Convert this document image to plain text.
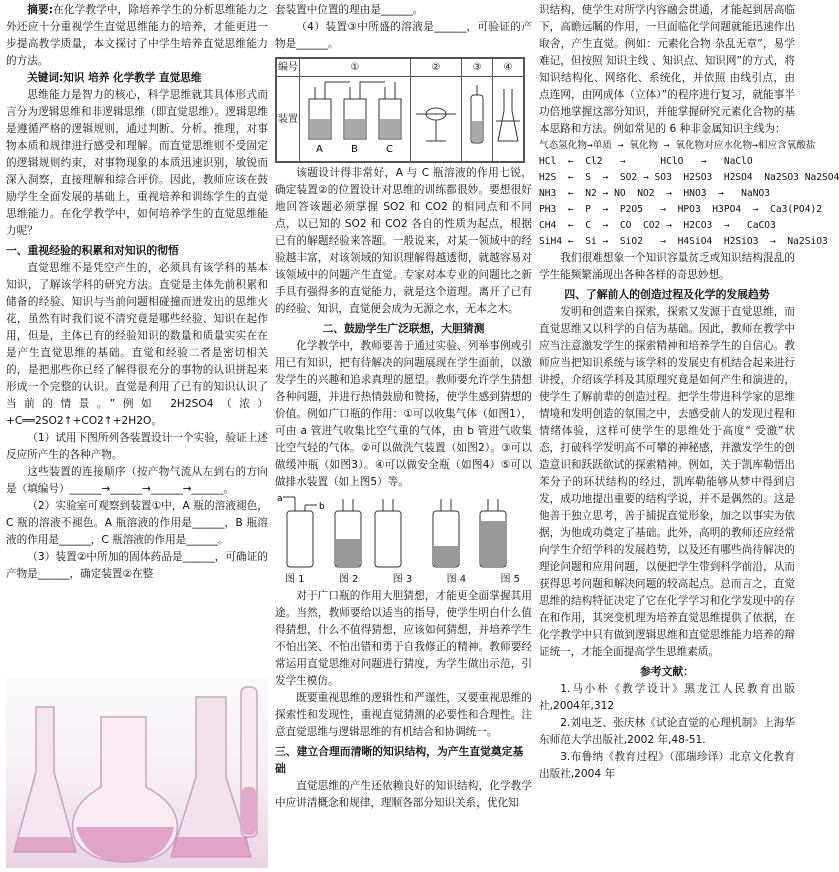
摘要:在化学教学中，除培养学生的分析思维能力之外还应十分重视学生直觉思维能力的培养，才能更进一步提高教学质量，本文探讨了中学生培养直觉思维能力的方法。

关键词:知识 培养 化学教学 直觉思维

思维能力是智力的核心，科学思维就其具体形式而言分为逻辑思维和非逻辑思维（即直觉思维）。逻辑思维是遵循严格的逻辑规则，通过判断、分析、推理，对事物本质和规律进行感受和理解。而直觉思维则不受固定的逻辑规则约束，对事物现象的本质迅速识别，敏锐而深入洞察，直接理解和综合评价。因此，教师应该在鼓励学生全面发展的基础上，重视培养和训练学生的直觉思维能力。在化学教学中，如何培养学生的直觉思维能力呢？

一、重视经验的积累和对知识的彻悟

直觉思维不是凭空产生的，必须具有该学科的基本知识，了解该学科的研究方法。直觉是主体先前积累和储备的经验、知识与当前问题相碰撞而迸发出的思维火花，虽然有时我们说不清究竟是哪些经验、知识在起作用，但是，主体已有的经验知识的数量和质量实实在在是产生直觉思维的基础。直觉和经验二者是密切相关的，是把那些你已经了解得很充分的事物的认识拼起来形成一个完整的认识。直觉是利用了已有的知识认识了当前的情景。”例如 2H2SO4（浓）+C══2SO2↑+CO2↑+2H2O。

（1）试用下图所列各装置设计一个实验，验证上述反应所产生的各种产物。

这些装置的连接顺序（按产物气流从左到右的方向是（填编号）______→______→______→______。

（2）实验室可观察到装置①中，A 瓶的溶液褪色，C 瓶的溶液不褪色。A 瓶溶液的作用是______，B 瓶溶液的作用是______，C 瓶溶液的作用是______。

（3）装置②中所加的固体药品是______，可确证的产物是______，确定装置②在整

套装置中位置的理由是______。

（4）装置③中所盛的溶液是______，可验证的产物是______。

编号	①	②	③	④
装置	A B C

该题设计得非常好，A 与 C 瓶溶液的作用七锐，确定装置②的位置设计对思维的训练都很妙。要想很好地回答该题必须掌握 SO2 和 CO2 的相同点和不同点，以已知的 SO2 和 CO2 各自的性质为起点，根据已有的解题经验来答题。一般说来，对某一领域中的经验越丰富，对该领域的知识理解得越透彻，就越容易对该领域中的问题产生直觉。专家对本专业的问题比之新手具有强得多的直觉能力，就是这个道理。离开了已有的经验、知识，直觉便会成为无源之水，无本之木。

二、鼓励学生广泛联想，大胆猜测

化学教学中，教师要善于通过实验、列举事例或引用已有知识，把有待解决的问题展现在学生面前，以激发学生的兴趣和追求真理的愿望。教师要允许学生猜想各种问题，并进行热情鼓励和赞扬，使学生感到猜想的价值。例如广口瓶的作用：①可以收集气体（如图1），可由 a 管进气收集比空气重的气体，由 b 管进气收集比空气轻的气体。②可以做洗气装置（如图2）。③可以做缓冲瓶（如图3）。④可以做安全瓶（如图4）⑤可以做排水装置（如上图5）等。

a
b
图 1	图 2	图 3	图 4	图 5

对于广口瓶的作用大胆猜想，才能更全面掌握其用途。当然，教师要给以适当的指导，使学生明白什么值得猜想，什么不值得猜想，应该如何猜想，并培养学生不怕出笑、不怕出错和勇于自我修正的精神。教师要经常运用直觉思维对问题进行猜度，为学生做出示范，引发学生模仿。

既要重视思维的逻辑性和严谨性，又要重视思维的探索性和发现性，重视直觉猜测的必要性和合理性。注意直觉思维与逻辑思维的有机结合和协调统一。

三、建立合理而清晰的知识结构，为产生直觉奠定基础

直觉思维的产生还依赖良好的知识结构，化学教学中应讲清概念和规律，理顺各部分知识关系，优化知

识结构，使学生对所学内容融会贯通，才能起到居高临下，高瞻远瞩的作用，一旦面临化学问题就能迅速作出取舍，产生直觉。例如：元素化合物 杂乱无章”，易学难记，但按照 知识主线 、知识点、知识网”的方式，将知识结构化、网络化、系统化，并依照 由线引点，由点连网，由网成体（立体）”的程序进行复习，就能事半功倍地掌握这部分知识，并能掌握研究元素化合物的基本思路和方法。例如常见的 6 种非金属知识主线为：

气态氢化物→单质 → 氧化物 → 氧化物对应水化物→相应含氧酸盐
HCl  ←  Cl2   →      HClO   →   NaClO
H2S  ←  S  →  SO2 → SO3  H2SO3  H2SO4  Na2SO3 Na2SO4
NH3  ←  N2 → NO  NO2  →  HNO3  →   NaNO3
PH3  ←  P  →  P2O5   →  HPO3  H3PO4  →  Ca3(PO4)2
CH4  ←  C  →  CO  CO2 →  H2CO3  →   CaCO3
SiH4 ←  Si →  SiO2   →  H4SiO4  H2SiO3  →  Na2SiO3

我们很难想象一个知识容量贫乏或知识结构混乱的学生能频繁涌现出各种各样的奇思妙想。

四、了解前人的创造过程及化学的发展趋势

发明和创造来自探索，探索又发源于直觉思维，而直觉思维又以科学的自信为基础。因此，教师在教学中应当注意激发学生的探索精神和培养学生的自信心。教师应当把知识系统与该学科的发展史有机结合起来进行讲授，介绍该学科及其原理究竟是如何产生和演进的，使学生了解前辈的创造过程。把学生带进科学家的思维情境和发明创造的氛围之中，去感受前人的发现过程和情绪体验，这样可使学生的思维处于高度“ 受激”状态，打破科学发明高不可攀的神秘感，并激发学生的创造意识和跃跃欲试的探索精神。例如，关于凯库勒悟出苯分子的环状结构的经过，凯库勒能够从梦中得到启发，成功地提出重要的结构学说，并不是偶然的。这是他善于独立思考，善于捕捉直觉形象，加之以事实为依据，为他成功奠定了基础。此外，高明的教师还应经常向学生介绍学科的发展趋势，以及还有哪些尚待解决的理论问题和应用问题，以便把学生带到科学前沿，从而获得思考问题和解决问题的较高起点。总而言之，直觉思维的结构特征决定了它在化学学习和化学发现中的存在和作用，其突变机理为培养直觉思维提供了依据，在化学教学中只有做到逻辑思维和直觉思维能力培养的辩证统一，才能全面提高学生思维素质。

参考文献：

1.马小朴《教学设计》黑龙江人民教育出版社,2004年,312

2.刘电芝、张庆林《试论直觉的心理机制》上海华东师范大学出版社,2002 年,48-51.

3.布鲁纳《教育过程》（邵瑞珍译）北京文化教育出版社,2004 年
